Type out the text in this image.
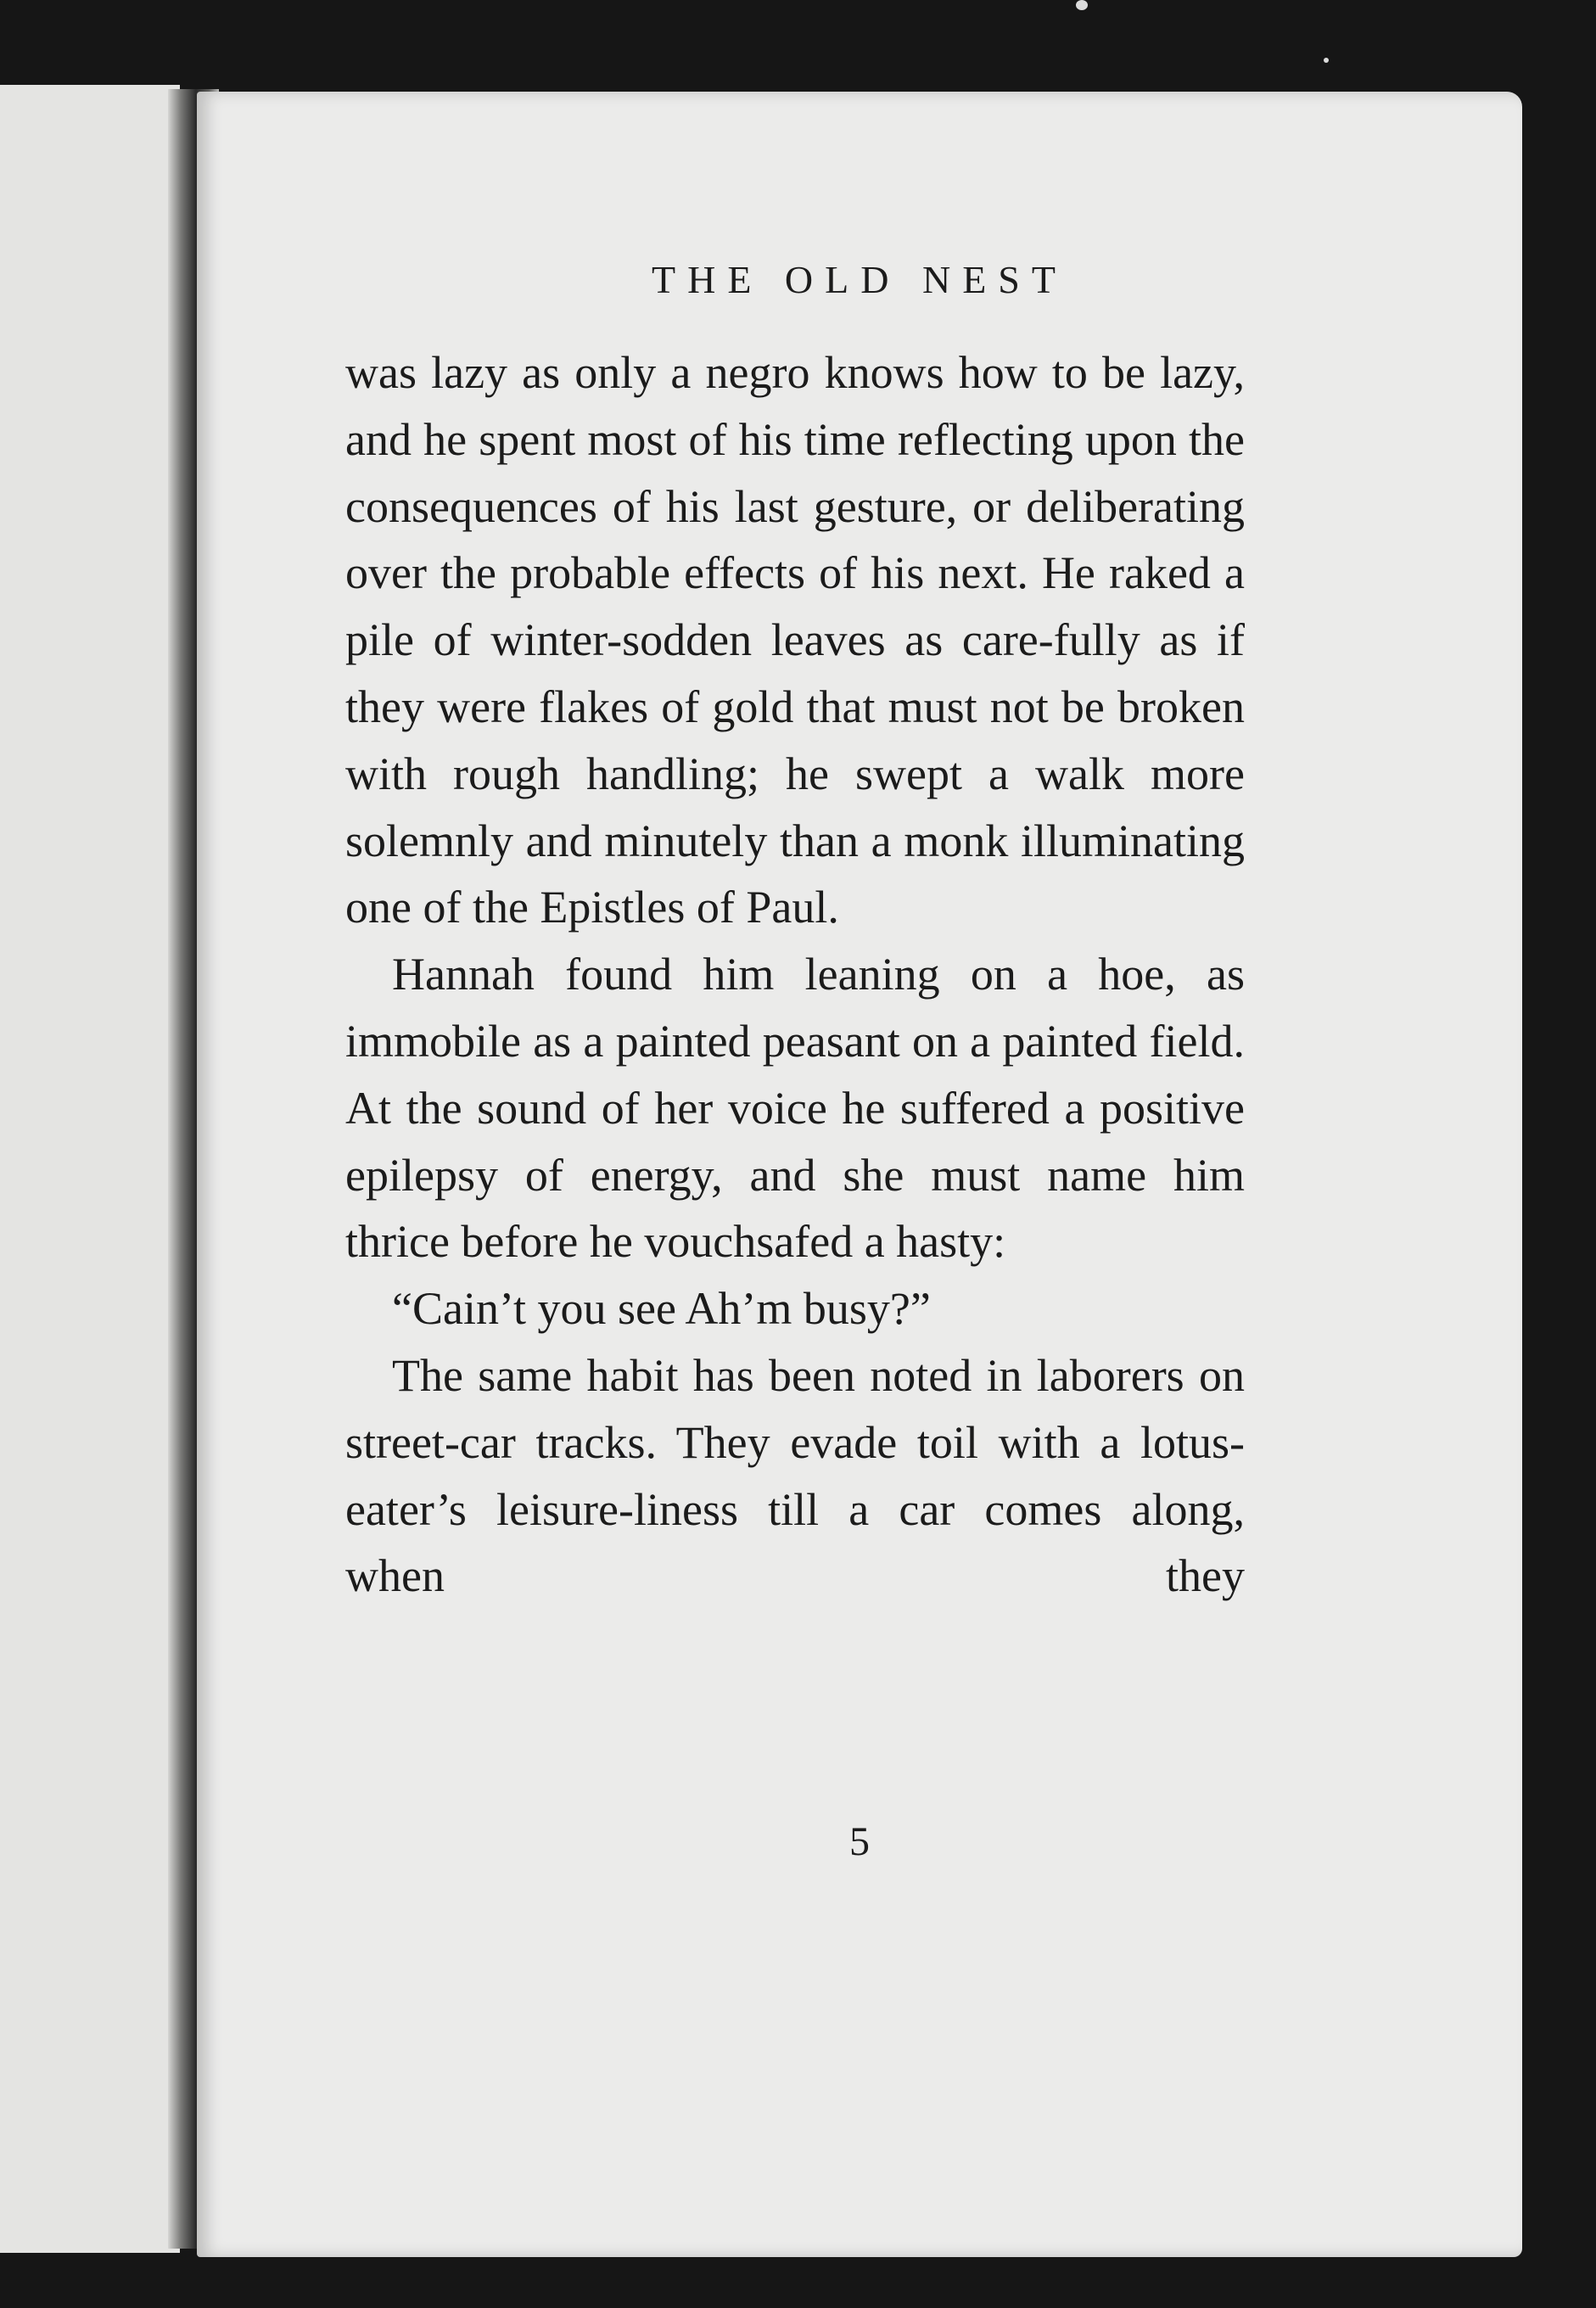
THE OLD NEST

was lazy as only a negro knows how to be lazy, and he spent most of his time reflecting upon the consequences of his last gesture, or deliberating over the probable effects of his next. He raked a pile of winter-sodden leaves as care-fully as if they were flakes of gold that must not be broken with rough handling; he swept a walk more solemnly and minutely than a monk illuminating one of the Epistles of Paul.

Hannah found him leaning on a hoe, as immobile as a painted peasant on a painted field. At the sound of her voice he suffered a positive epilepsy of energy, and she must name him thrice before he vouchsafed a hasty:

“Cain’t you see Ah’m busy?”

The same habit has been noted in laborers on street-car tracks. They evade toil with a lotus-eater’s leisure-liness till a car comes along, when they

5
